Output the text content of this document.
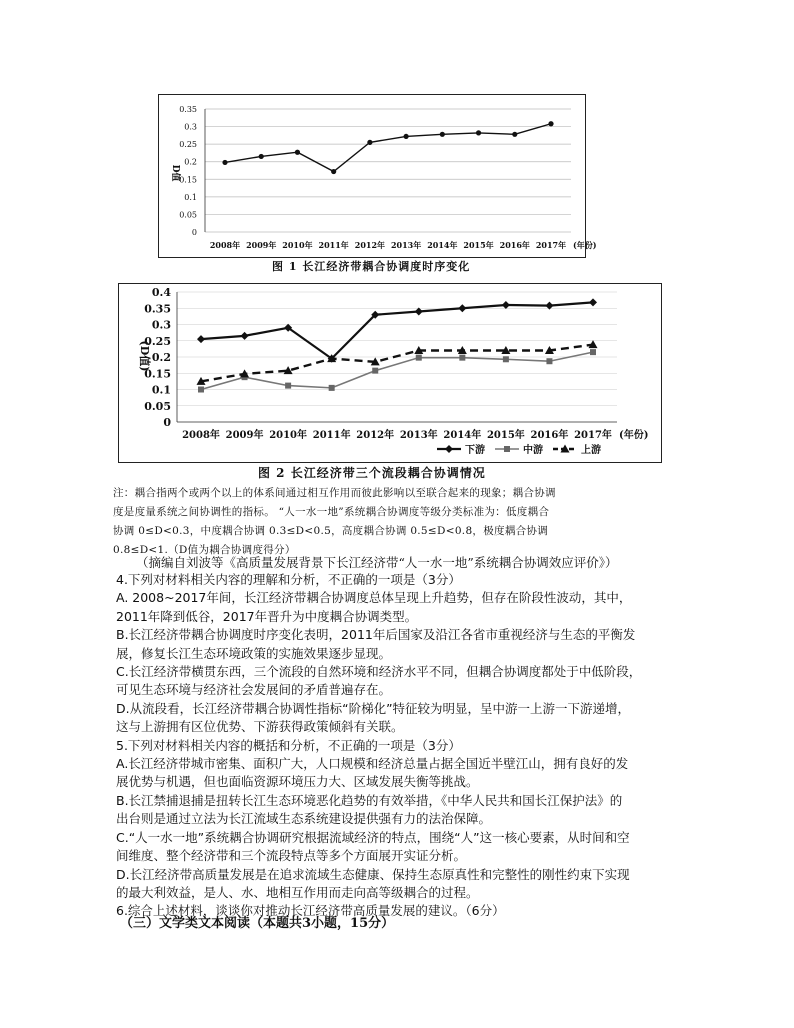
0
0.05
0.1
0.15
0.2
0.25
0.3
0.35
2008年 2009年 2010年 2011年 2012年 2013年 2014年 2015年 2016年 2017年 (年份)
D值
图 1 长江经济带耦合协调度时序变化
0
0.05
0.1
0.15
0.2
0.25
0.3
0.35
0.4
2008年 2009年 2010年 2011年 2012年 2013年 2014年 2015年 2016年 2017年 (年份)
(D值)
下游	中游	上游
图 2 长江经济带三个流段耦合协调情况
注：耦合指两个或两个以上的体系间通过相互作用而彼此影响以至联合起来的现象；耦合协调
度是度量系统之间协调性的指标。 “人一水一地”系统耦合协调度等级分类标准为：低度耦合
协调 0≤D<0.3，中度耦合协调 0.3≤D<0.5，高度耦合协调 0.5≤D<0.8，极度耦合协调
0.8≤D<1.（D值为耦合协调度得分）
（摘编自刘波等《高质量发展背景下长江经济带“人一水一地”系统耦合协调效应评价》）
4.下列对材料相关内容的理解和分析，不正确的一项是（3分）
A. 2008~2017年间，长江经济带耦合协调度总体呈现上升趋势，但存在阶段性波动，其中，
2011年降到低谷，2017年晋升为中度耦合协调类型。
B.长江经济带耦合协调度时序变化表明，2011年后国家及沿江各省市重视经济与生态的平衡发
展，修复长江生态环境政策的实施效果逐步显现。
C.长江经济带横贯东西，三个流段的自然环境和经济水平不同，但耦合协调度都处于中低阶段，
可见生态环境与经济社会发展间的矛盾普遍存在。
D.从流段看，长江经济带耦合协调性指标“阶梯化”特征较为明显，呈中游一上游一下游递增，
这与上游拥有区位优势、下游获得政策倾斜有关联。
5.下列对材料相关内容的概括和分析，不正确的一项是（3分）
A.长江经济带城市密集、面积广大，人口规模和经济总量占据全国近半壁江山，拥有良好的发
展优势与机遇，但也面临资源环境压力大、区域发展失衡等挑战。
B.长江禁捕退捕是扭转长江生态环境恶化趋势的有效举措，《中华人民共和国长江保护法》的
出台则是通过立法为长江流域生态系统建设提供强有力的法治保障。
C.“人一水一地”系统耦合协调研究根据流域经济的特点，围绕“人”这一核心要素，从时间和空
间维度、整个经济带和三个流段特点等多个方面展开实证分析。
D.长江经济带高质量发展是在追求流域生态健康、保持生态原真性和完整性的刚性约束下实现
的最大利效益，是人、水、地相互作用而走向高等级耦合的过程。
6.综合上述材料，谈谈你对推动长江经济带高质量发展的建议。（6分）
（三）文学类文本阅读（本题共3小题，15分）
